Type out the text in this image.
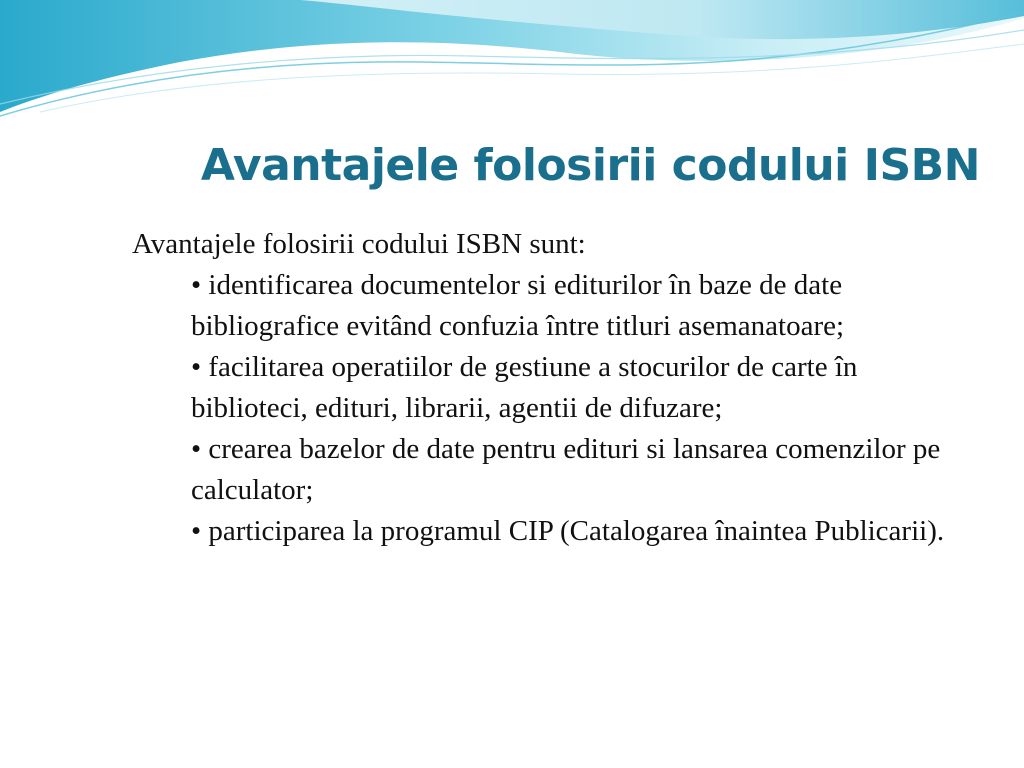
Avantajele folosirii codului ISBN

Avantajele folosirii codului ISBN sunt:

• identificarea documentelor si editurilor în baze de date bibliografice evitând confuzia între titluri asemanatoare;
• facilitarea operatiilor de gestiune a stocurilor de carte în biblioteci, edituri, librarii, agentii de difuzare;
• crearea bazelor de date pentru edituri si lansarea comenzilor pe calculator;
• participarea la programul CIP (Catalogarea înaintea Publicarii).
